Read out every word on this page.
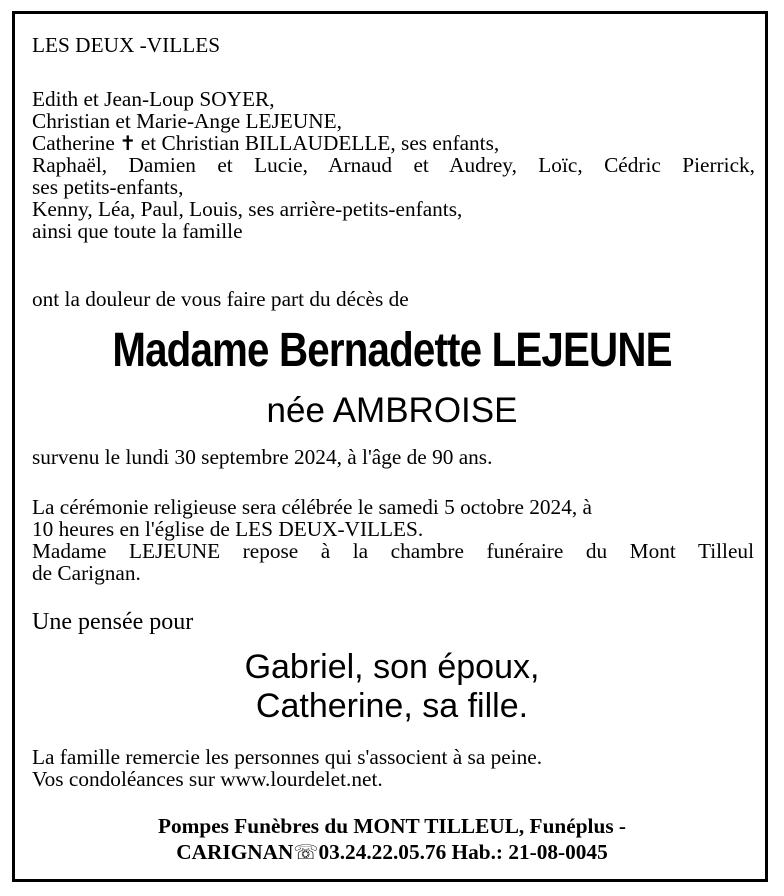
LES DEUX -VILLES
Edith et Jean-Loup SOYER,
Christian et Marie-Ange LEJEUNE,
Catherine ✝ et Christian BILLAUDELLE, ses enfants,
Raphaël, Damien et Lucie, Arnaud et Audrey, Loïc, Cédric Pierrick,
ses petits-enfants,
Kenny, Léa, Paul, Louis, ses arrière-petits-enfants,
ainsi que toute la famille
ont la douleur de vous faire part du décès de
Madame Bernadette LEJEUNE
née AMBROISE
survenu le lundi 30 septembre 2024, à l'âge de 90 ans.
La cérémonie religieuse sera célébrée le samedi 5 octobre 2024, à
10 heures en l'église de LES DEUX-VILLES.
Madame LEJEUNE repose à la chambre funéraire du Mont Tilleul
de Carignan.
Une pensée pour
Gabriel, son époux,
Catherine, sa fille.
La famille remercie les personnes qui s'associent à sa peine.
Vos condoléances sur www.lourdelet.net.
Pompes Funèbres du MONT TILLEUL, Funéplus -
CARIGNAN☏03.24.22.05.76 Hab.: 21-08-0045
